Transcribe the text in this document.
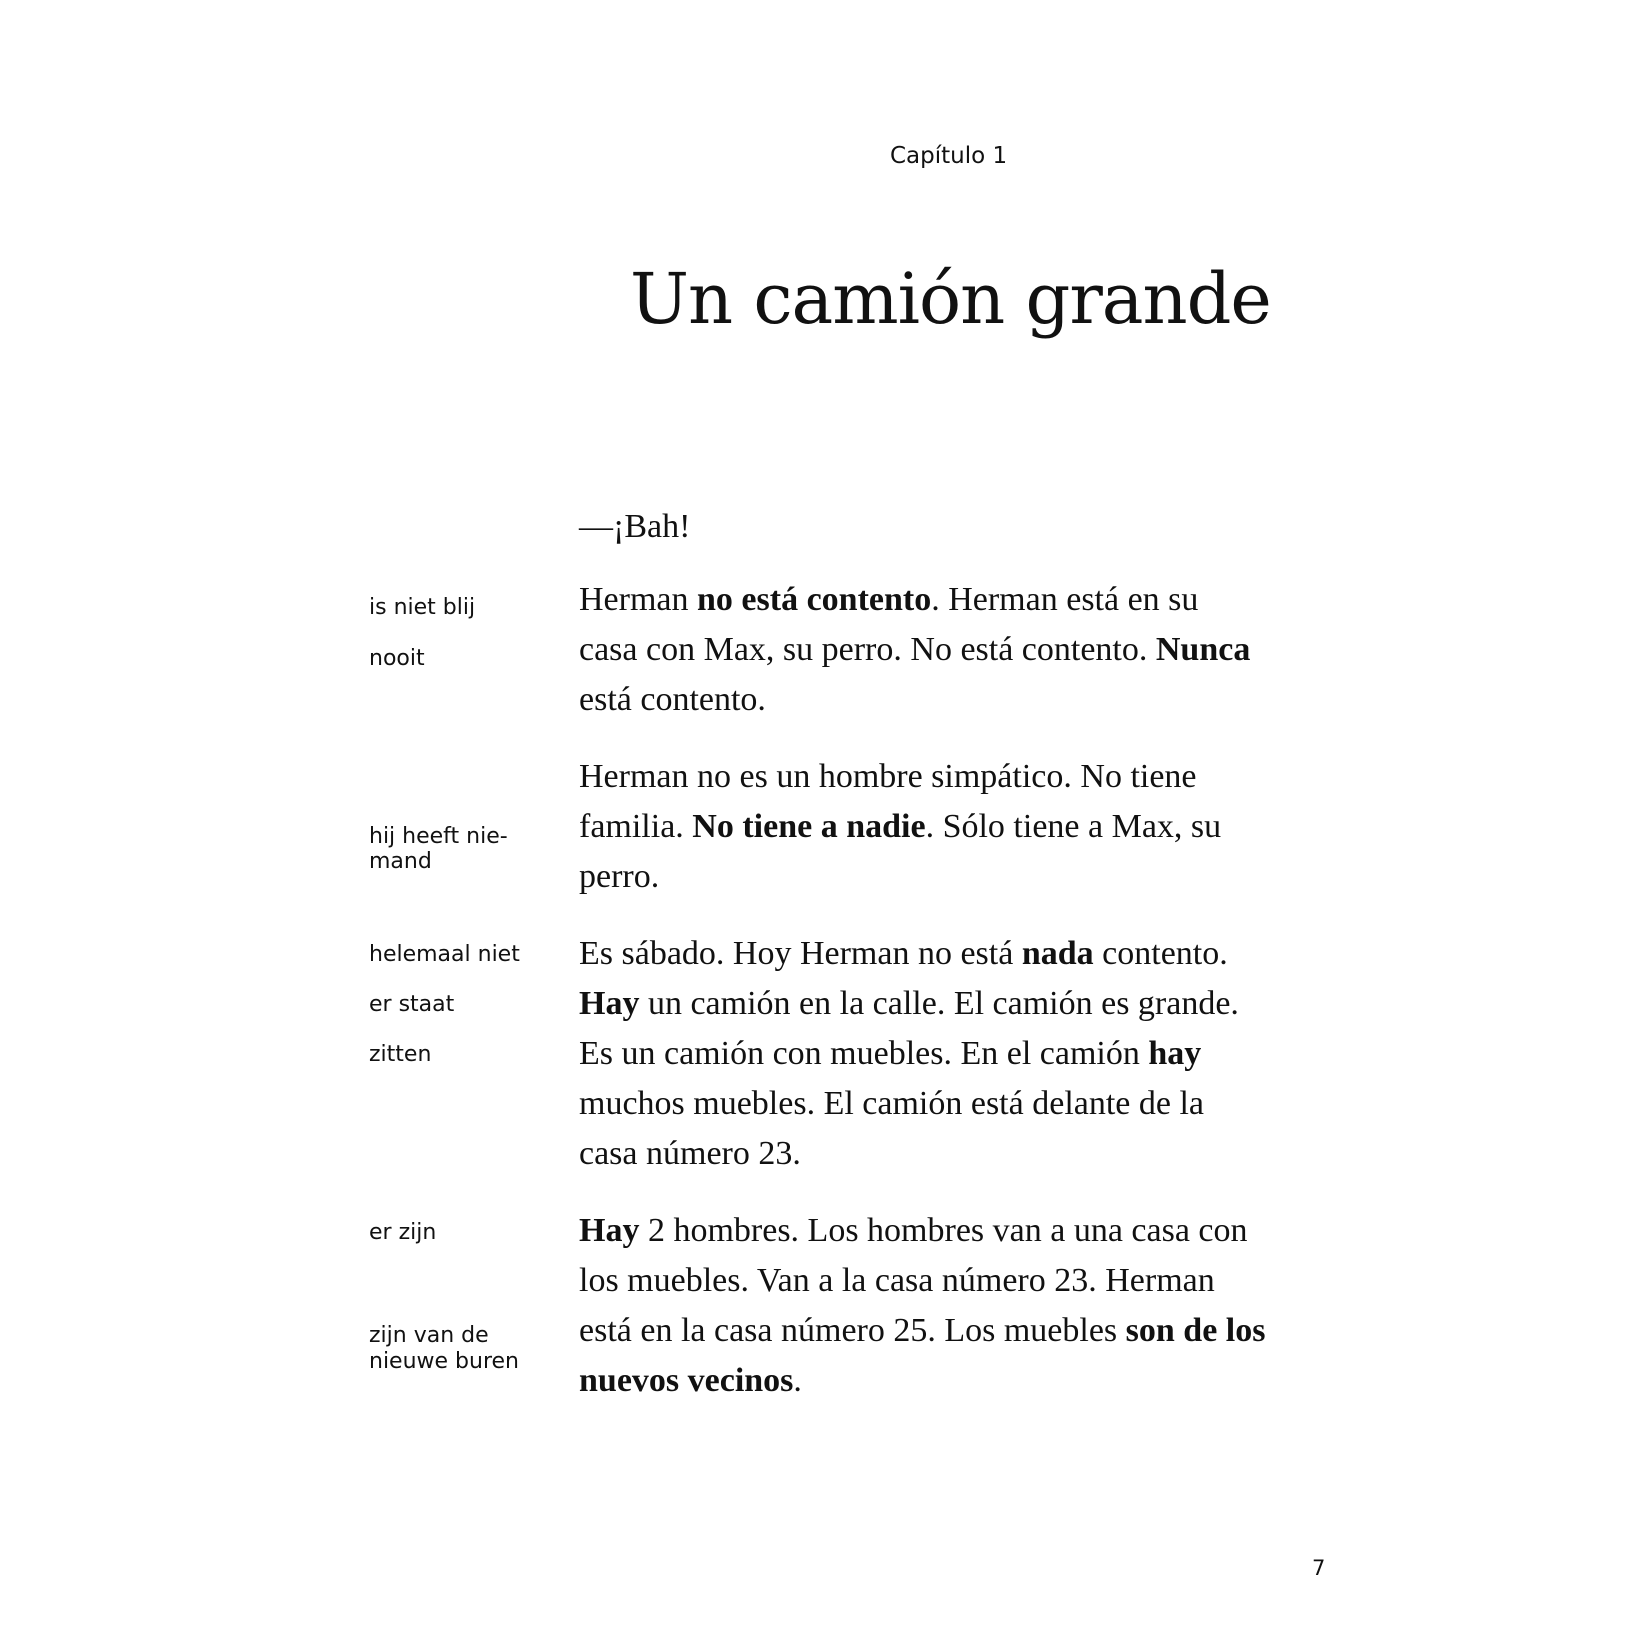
Capítulo 1
Un camión grande
is niet blij
nooit
hij heeft nie-
mand
helemaal niet
er staat
zitten
er zijn
zijn van de
nieuwe buren
—¡Bah!
Herman no está contento. Herman está en su
casa con Max, su perro. No está contento. Nunca
está contento.
Herman no es un hombre simpático. No tiene
familia. No tiene a nadie. Sólo tiene a Max, su
perro.
Es sábado. Hoy Herman no está nada contento.
Hay un camión en la calle. El camión es grande.
Es un camión con muebles. En el camión hay
muchos muebles. El camión está delante de la
casa número 23.
Hay 2 hombres. Los hombres van a una casa con
los muebles. Van a la casa número 23. Herman
está en la casa número 25. Los muebles son de los
nuevos vecinos.
7
